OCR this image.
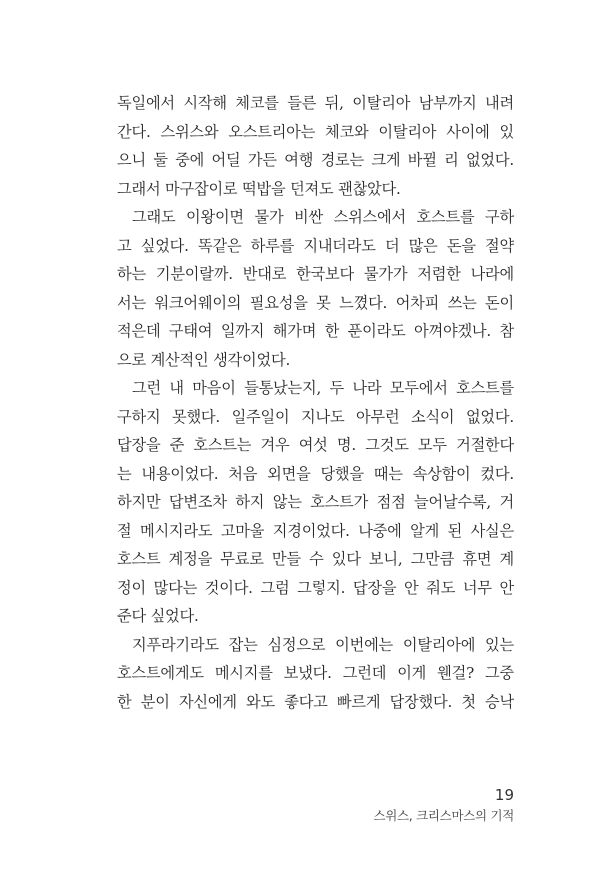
독일에서 시작해 체코를 들른 뒤, 이탈리아 남부까지 내려
간다. 스위스와 오스트리아는 체코와 이탈리아 사이에 있
으니 둘 중에 어딜 가든 여행 경로는 크게 바뀔 리 없었다.
그래서 마구잡이로 떡밥을 던져도 괜찮았다.
그래도 이왕이면 물가 비싼 스위스에서 호스트를 구하
고 싶었다. 똑같은 하루를 지내더라도 더 많은 돈을 절약
하는 기분이랄까. 반대로 한국보다 물가가 저렴한 나라에
서는 워크어웨이의 필요성을 못 느꼈다. 어차피 쓰는 돈이
적은데 구태여 일까지 해가며 한 푼이라도 아껴야겠나. 참
으로 계산적인 생각이었다.
그런 내 마음이 들통났는지, 두 나라 모두에서 호스트를
구하지 못했다. 일주일이 지나도 아무런 소식이 없었다.
답장을 준 호스트는 겨우 여섯 명. 그것도 모두 거절한다
는 내용이었다. 처음 외면을 당했을 때는 속상함이 컸다.
하지만 답변조차 하지 않는 호스트가 점점 늘어날수록, 거
절 메시지라도 고마울 지경이었다. 나중에 알게 된 사실은
호스트 계정을 무료로 만들 수 있다 보니, 그만큼 휴면 계
정이 많다는 것이다. 그럼 그렇지. 답장을 안 줘도 너무 안
준다 싶었다.
지푸라기라도 잡는 심정으로 이번에는 이탈리아에 있는
호스트에게도 메시지를 보냈다. 그런데 이게 웬걸? 그중
한 분이 자신에게 와도 좋다고 빠르게 답장했다. 첫 승낙
19
스위스, 크리스마스의 기적
